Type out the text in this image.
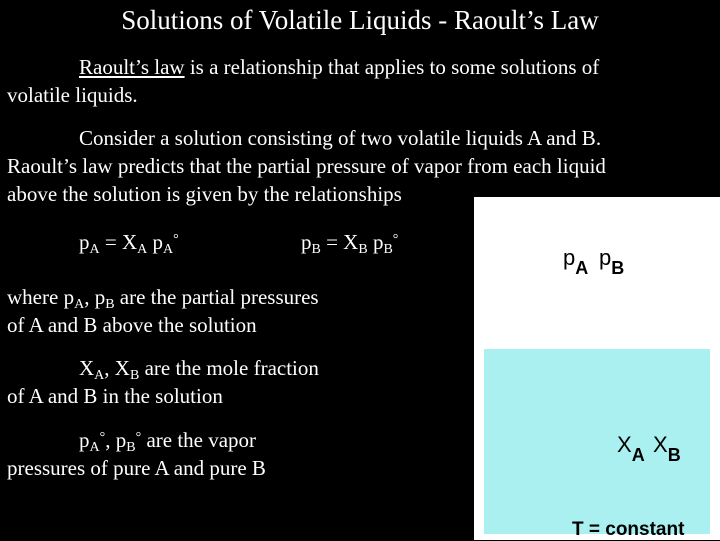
Solutions of Volatile Liquids - Raoult’s Law
Raoult’s law is a relationship that applies to some solutions of
volatile liquids.
Consider a solution consisting of two volatile liquids A and B.
Raoult’s law predicts that the partial pressure of vapor from each liquid
above the solution is given by the relationships
$p_A = X_A$ $p_A^\circ$	$p_B = X_B$ $p_B^\circ$
where $p_A$, $p_B$ are the partial pressures
of A and B above the solution
$X_A$, $X_B$ are the mole fraction
of A and B in the solution
$p_A^\circ$, $p_B^\circ$ are the vapor
pressures of pure A and pure B
$p_A$ $p_B$
$X_A$ $X_B$
T = constant
